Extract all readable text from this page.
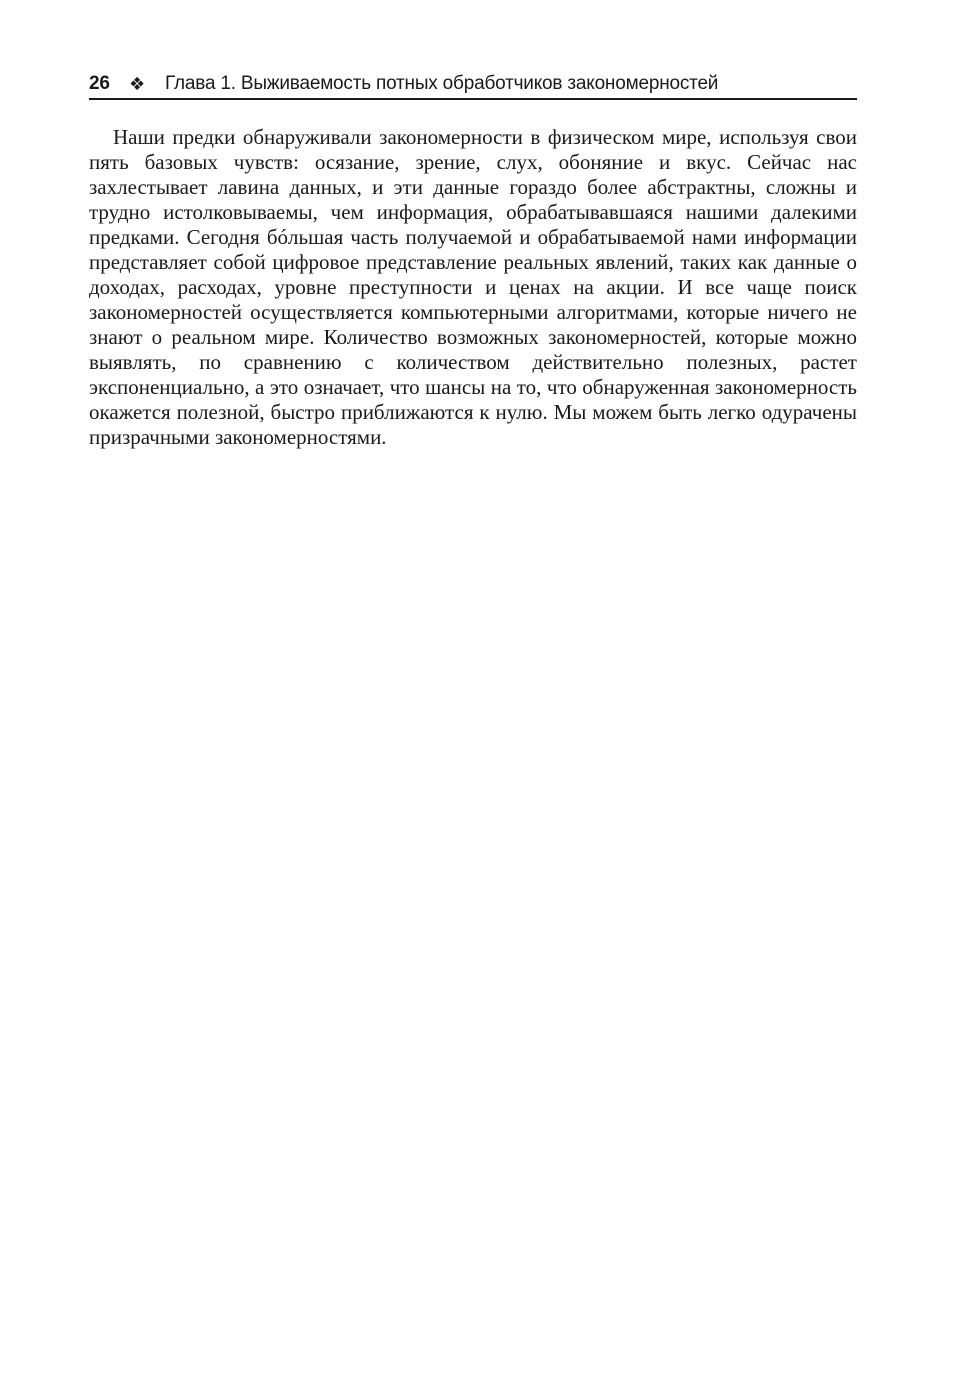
26	❖	Глава 1. Выживаемость потных обработчиков закономерностей

Наши предки обнаруживали закономерности в физическом мире, используя свои пять базовых чувств: осязание, зрение, слух, обоняние и вкус. Сейчас нас захлестывает лавина данных, и эти данные гораздо более абстрактны, сложны и трудно истолковываемы, чем информация, обрабатывавшаяся нашими далекими предками. Сегодня бóльшая часть получаемой и обрабатываемой нами информации представляет собой цифровое представление реальных явлений, таких как данные о доходах, расходах, уровне преступности и ценах на акции. И все чаще поиск закономерностей осуществляется компьютерными алгоритмами, которые ничего не знают о реальном мире. Количество возможных закономерностей, которые можно выявлять, по сравнению с количеством действительно полезных, растет экспоненциально, а это означает, что шансы на то, что обнаруженная закономерность окажется полезной, быстро приближаются к нулю. Мы можем быть легко одурачены призрачными закономерностями.
